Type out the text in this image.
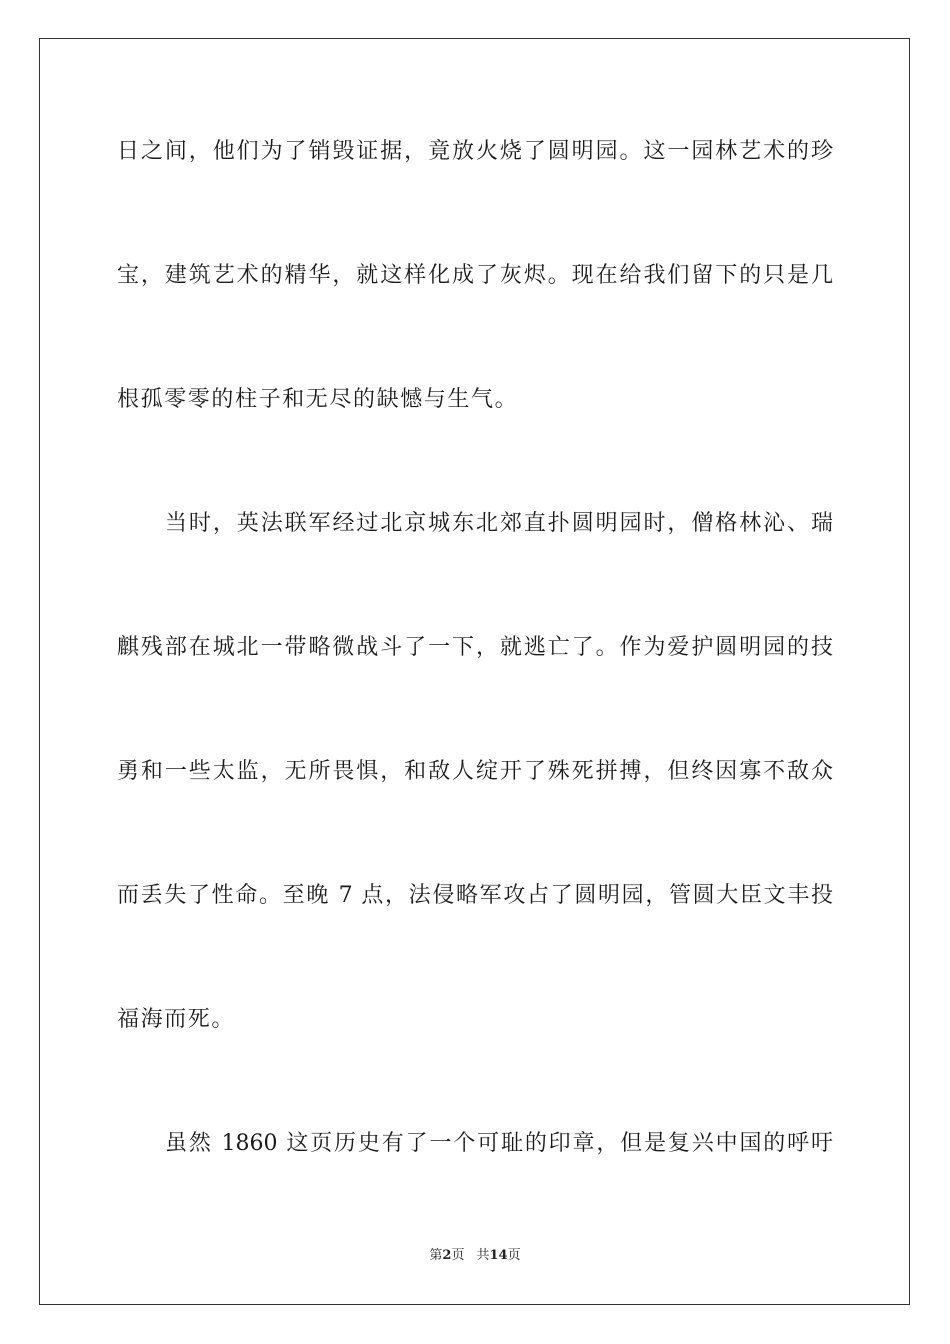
日之间，他们为了销毁证据，竟放火烧了圆明园。这一园林艺术的珍
宝，建筑艺术的精华，就这样化成了灰烬。现在给我们留下的只是几
根孤零零的柱子和无尽的缺憾与生气。
当时，英法联军经过北京城东北郊直扑圆明园时，僧格林沁、瑞
麒残部在城北一带略微战斗了一下，就逃亡了。作为爱护圆明园的技
勇和一些太监，无所畏惧，和敌人绽开了殊死拼搏，但终因寡不敌众
而丢失了性命。至晚 7 点，法侵略军攻占了圆明园，管圆大臣文丰投
福海而死。
虽然 1860 这页历史有了一个可耻的印章，但是复兴中国的呼吁
第2页 共14页
